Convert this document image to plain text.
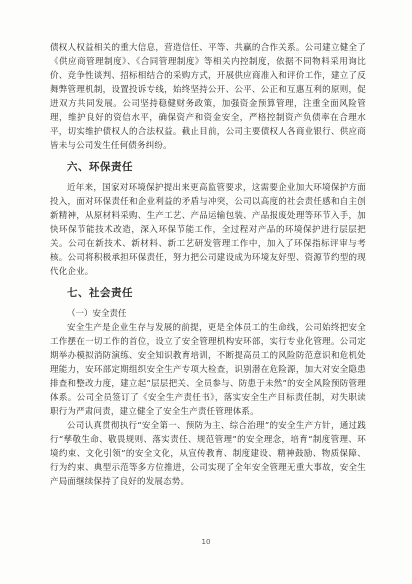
债权人权益相关的重大信息，营造信任、平等、共赢的合作关系。公司建立健全了《供应商管理制度》、《合同管理制度》等相关内控制度，依据不同物料采用询比价、竞争性谈判、招标相结合的采购方式，开展供应商准入和评价工作，建立了反舞弊管理机制，设置投诉专线，始终坚持公开、公平、公正和互惠互利的原则，促进双方共同发展。公司坚持稳健财务政策，加强资金预算管理，注重全面风险管理，维护良好的资信水平，确保资产和资金安全，严格控制资产负债率在合理水平，切实维护债权人的合法权益。截止目前，公司主要债权人各商业银行、供应商皆未与公司发生任何债务纠纷。

六、环保责任

近年来，国家对环境保护提出来更高监管要求，这需要企业加大环境保护方面投入，面对环保责任和企业利益的矛盾与冲突，公司以高度的社会责任感和自主创新精神，从原材料采购、生产工艺、产品运输包装、产品报废处理等环节入手，加快环保节能技术改造，深入环保节能工作，全过程对产品的环境保护进行层层把关。公司在新技术、新材料、新工艺研发管理工作中，加入了环保指标评审与考核。公司将积极承担环保责任，努力把公司建设成为环境友好型、资源节约型的现代化企业。

七、社会责任
（一）安全责任

安全生产是企业生存与发展的前提，更是全体员工的生命线，公司始终把安全工作摆在一切工作的首位，设立了安全管理机构安环部，实行专业化管理。公司定期举办模拟消防演练、安全知识教育培训，不断提高员工的风险防范意识和危机处理能力，安环部定期组织安全生产专项大检查，识别潜在危险源，加大对安全隐患排查和整改力度，建立起“层层把关、全员参与、防患于未然”的安全风险预防管理体系。公司全员签订了《安全生产责任书》，落实安全生产目标责任制，对失职读职行为严肃问责，建立健全了安全生产责任管理体系。

公司认真贯彻执行“安全第一、预防为主、综合治理”的安全生产方针，通过践行“孳敬生命、敬畏规则、落实责任、规范管理”的安全理念，培育“制度管理、环境约束、文化引领”的安全文化，从宣传教育、制度建设、精神鼓励、物质保障、行为约束、典型示范等多方位推进，公司实现了全年安全管理无重大事故，安全生产局面继续保持了良好的发展态势。

10
